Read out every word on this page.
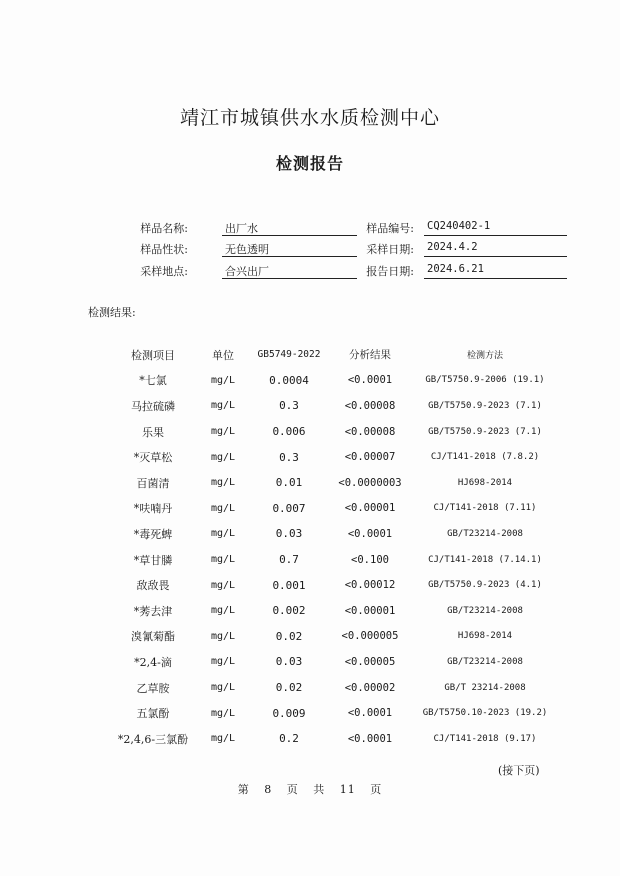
靖江市城镇供水水质检测中心
检测报告
样品名称:	出厂水	样品编号: CQ240402-1
样品性状:	无色透明	采样日期: 2024.4.2
采样地点:	合兴出厂	报告日期: 2024.6.21
检测结果:
检测项目	单位	GB5749-2022	分析结果	检测方法
*七氯	mg/L	0.0004	<0.0001	GB/T5750.9-2006 (19.1)
马拉硫磷	mg/L	0.3	<0.00008	GB/T5750.9-2023 (7.1)
乐果	mg/L	0.006	<0.00008	GB/T5750.9-2023 (7.1)
*灭草松	mg/L	0.3	<0.00007	CJ/T141-2018 (7.8.2)
百菌清	mg/L	0.01	<0.0000003	HJ698-2014
*呋喃丹	mg/L	0.007	<0.00001	CJ/T141-2018 (7.11)
*毒死蜱	mg/L	0.03	<0.0001	GB/T23214-2008
*草甘膦	mg/L	0.7	<0.100	CJ/T141-2018 (7.14.1)
敌敌畏	mg/L	0.001	<0.00012	GB/T5750.9-2023 (4.1)
*莠去津	mg/L	0.002	<0.00001	GB/T23214-2008
溴氰菊酯	mg/L	0.02	<0.000005	HJ698-2014
*2,4-滴	mg/L	0.03	<0.00005	GB/T23214-2008
乙草胺	mg/L	0.02	<0.00002	GB/T 23214-2008
五氯酚	mg/L	0.009	<0.0001	GB/T5750.10-2023 (19.2)
*2,4,6-三氯酚	mg/L	0.2	<0.0001	CJ/T141-2018 (9.17)
(接下页)
第 8 页 共 11 页
